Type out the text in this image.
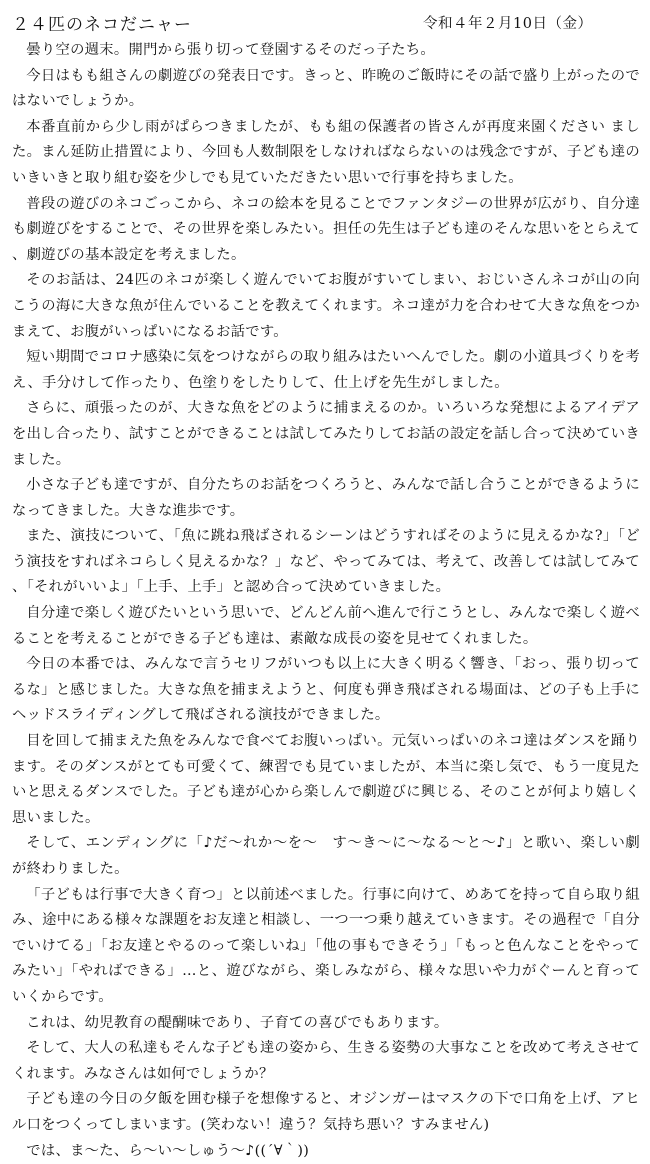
２４匹のネコだニャー	令和４年２月10日（金）

曇り空の週末。開門から張り切って登園するそのだっ子たち。

今日はもも組さんの劇遊びの発表日です。きっと、昨晩のご飯時にその話で盛り上がったのではないでしょうか。

本番直前から少し雨がぱらつきましたが、もも組の保護者の皆さんが再度来園ください ました。まん延防止措置により、今回も人数制限をしなければならないのは残念ですが、子ども達のいきいきと取り組む姿を少しでも見ていただきたい思いで行事を持ちました。

普段の遊びのネコごっこから、ネコの絵本を見ることでファンタジーの世界が広がり、自分達も劇遊びをすることで、その世界を楽しみたい。担任の先生は子ども達のそんな思いをとらえて、劇遊びの基本設定を考えました。

そのお話は、24匹のネコが楽しく遊んでいてお腹がすいてしまい、おじいさんネコが山の向こうの海に大きな魚が住んでいることを教えてくれます。ネコ達が力を合わせて大きな魚をつかまえて、お腹がいっぱいになるお話です。

短い期間でコロナ感染に気をつけながらの取り組みはたいへんでした。劇の小道具づくりを考え、手分けして作ったり、色塗りをしたりして、仕上げを先生がしました。

さらに、頑張ったのが、大きな魚をどのように捕まえるのか。いろいろな発想によるアイデアを出し合ったり、試すことができることは試してみたりしてお話の設定を話し合って決めていきました。

小さな子ども達ですが、自分たちのお話をつくろうと、みんなで話し合うことができるようになってきました。大きな進歩です。

また、演技について、「魚に跳ね飛ばされるシーンはどうすればそのように見えるかな?」「どう演技をすればネコらしく見えるかな？」など、やってみては、考えて、改善しては試してみて、「それがいいよ」「上手、上手」と認め合って決めていきました。

自分達で楽しく遊びたいという思いで、どんどん前へ進んで行こうとし、みんなで楽しく遊べることを考えることができる子ども達は、素敵な成長の姿を見せてくれました。

今日の本番では、みんなで言うセリフがいつも以上に大きく明るく響き、「おっ、張り切ってるな」と感じました。大きな魚を捕まえようと、何度も弾き飛ばされる場面は、どの子も上手にヘッドスライディングして飛ばされる演技ができました。

目を回して捕まえた魚をみんなで食べてお腹いっぱい。元気いっぱいのネコ達はダンスを踊ります。そのダンスがとても可愛くて、練習でも見ていましたが、本当に楽し気で、もう一度見たいと思えるダンスでした。子ども達が心から楽しんで劇遊びに興じる、そのことが何より嬉しく思いました。

そして、エンディングに「♪だ〜れか〜を〜　す〜き〜に〜なる〜と〜♪」と歌い、楽しい劇が終わりました。

「子どもは行事で大きく育つ」と以前述べました。行事に向けて、めあてを持って自ら取り組み、途中にある様々な課題をお友達と相談し、一つ一つ乗り越えていきます。その過程で「自分でいけてる」「お友達とやるのって楽しいね」「他の事もできそう」「もっと色んなことをやってみたい」「やればできる」…と、遊びながら、楽しみながら、様々な思いや力がぐーんと育っていくからです。

これは、幼児教育の醍醐味であり、子育ての喜びでもあります。

そして、大人の私達もそんな子ども達の姿から、生きる姿勢の大事なことを改めて考えさせてくれます。みなさんは如何でしょうか？

子ども達の今日の夕飯を囲む様子を想像すると、オジンガーはマスクの下で口角を上げ、アヒル口をつくってしまいます。(笑わない！違う？気持ち悪い？すみません)

では、ま〜た、ら〜い〜しゅう〜♪((´∀｀))
